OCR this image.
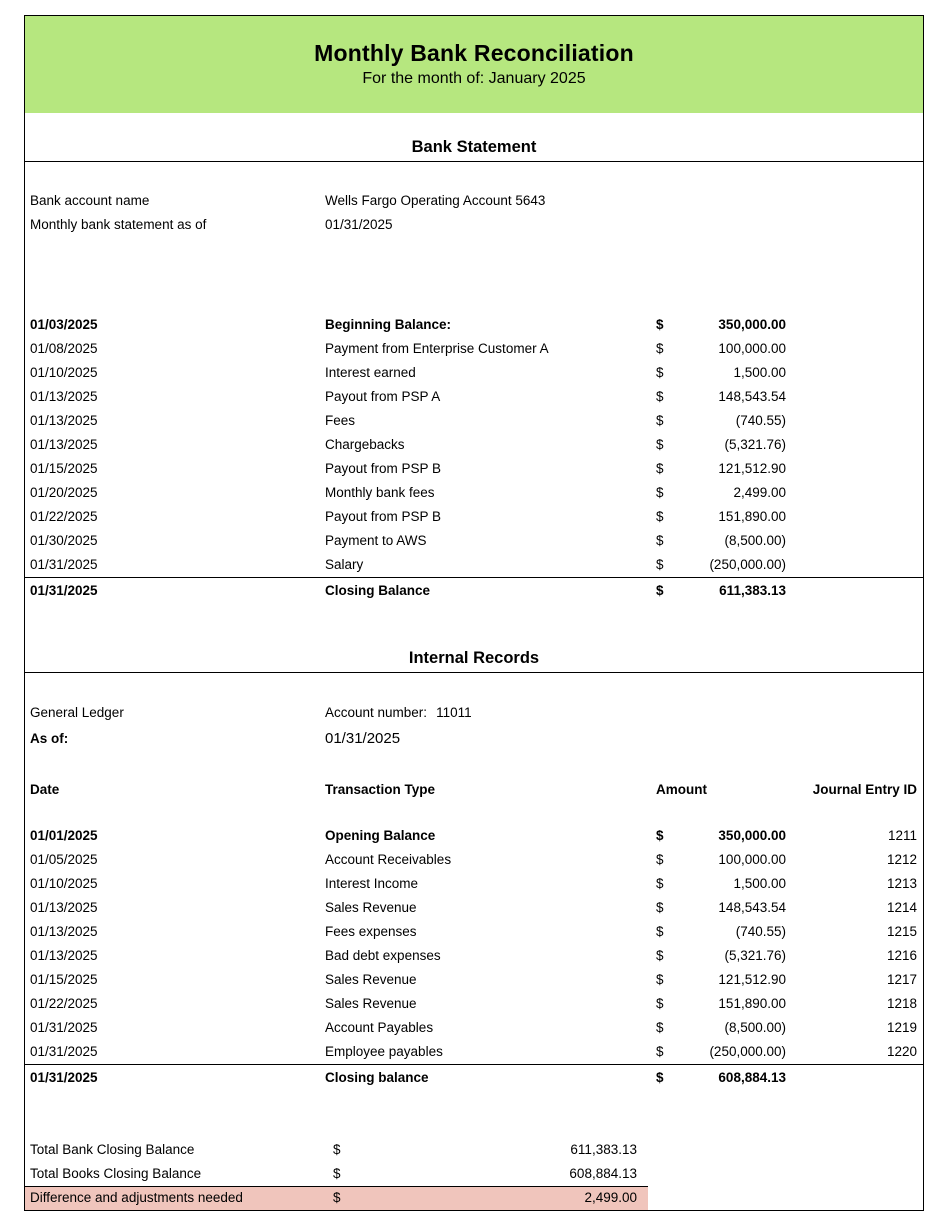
Monthly Bank Reconciliation
For the month of: January 2025
Bank Statement
Bank account name	Wells Fargo Operating Account 5643
Monthly bank statement as of	01/31/2025
01/03/2025	Beginning Balance:	$	350,000.00
01/08/2025	Payment from Enterprise Customer A	$	100,000.00
01/10/2025	Interest earned	$	1,500.00
01/13/2025	Payout from PSP A	$	148,543.54
01/13/2025	Fees	$	(740.55)
01/13/2025	Chargebacks	$	(5,321.76)
01/15/2025	Payout from PSP B	$	121,512.90
01/20/2025	Monthly bank fees	$	2,499.00
01/22/2025	Payout from PSP B	$	151,890.00
01/30/2025	Payment to AWS	$	(8,500.00)
01/31/2025	Salary	$	(250,000.00)
01/31/2025	Closing Balance	$	611,383.13
Internal Records
General Ledger	Account number: 11011
As of:	01/31/2025
Date	Transaction Type	Amount	Journal Entry ID
01/01/2025	Opening Balance	$	350,000.00	1211
01/05/2025	Account Receivables	$	100,000.00	1212
01/10/2025	Interest Income	$	1,500.00	1213
01/13/2025	Sales Revenue	$	148,543.54	1214
01/13/2025	Fees expenses	$	(740.55)	1215
01/13/2025	Bad debt expenses	$	(5,321.76)	1216
01/15/2025	Sales Revenue	$	121,512.90	1217
01/22/2025	Sales Revenue	$	151,890.00	1218
01/31/2025	Account Payables	$	(8,500.00)	1219
01/31/2025	Employee payables	$	(250,000.00)	1220
01/31/2025	Closing balance	$	608,884.13
Total Bank Closing Balance	$	611,383.13
Total Books Closing Balance	$	608,884.13
Difference and adjustments needed	$	2,499.00
